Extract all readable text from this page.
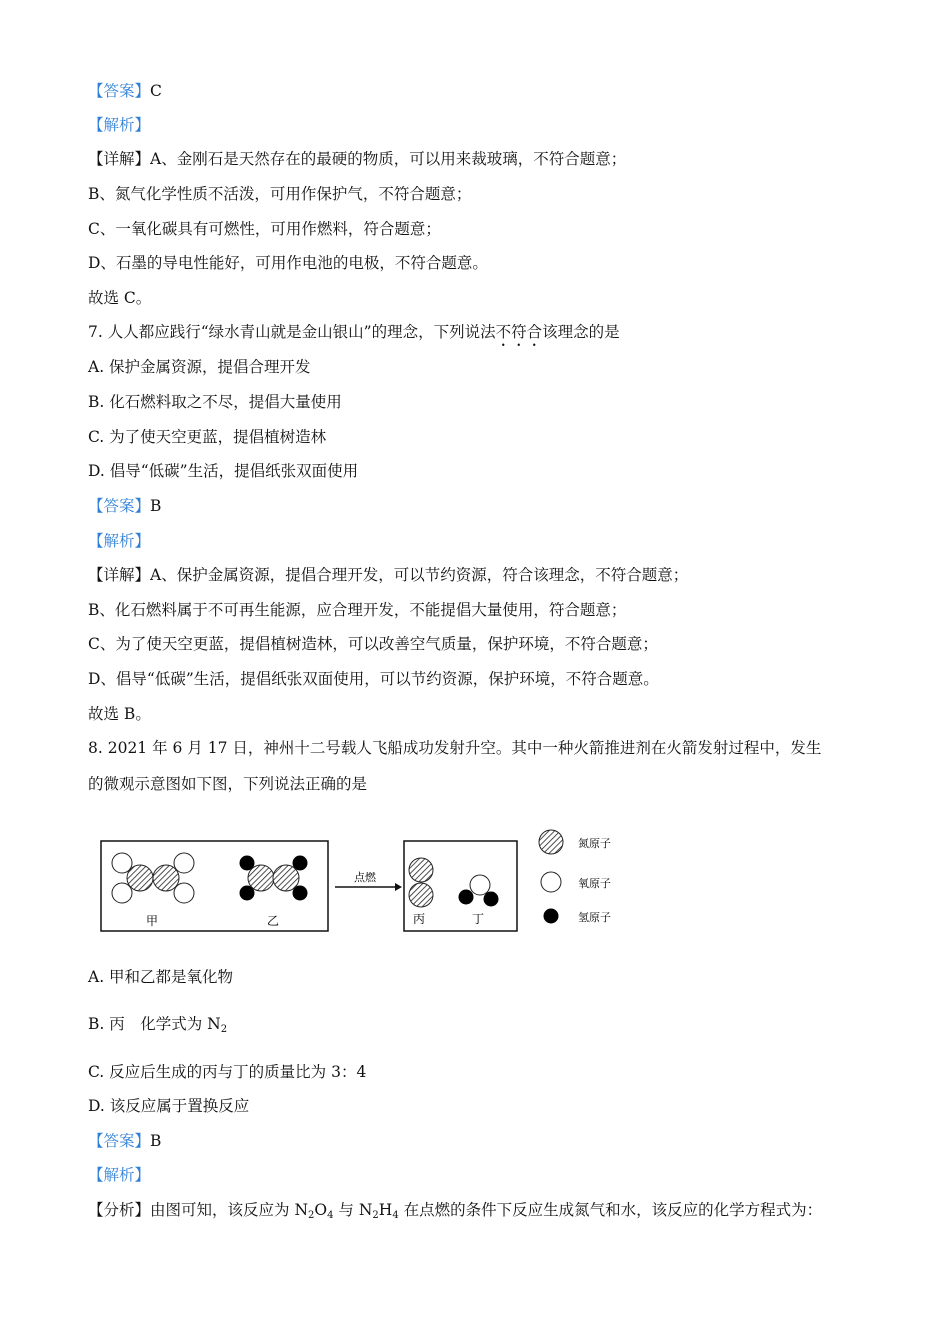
【答案】C
【解析】
【详解】A、金刚石是天然存在的最硬的物质，可以用来裁玻璃，不符合题意；
B、氮气化学性质不活泼，可用作保护气，不符合题意；
C、一氧化碳具有可燃性，可用作燃料，符合题意；
D、石墨的导电性能好，可用作电池的电极，不符合题意。
故选 C。
7. 人人都应践行“绿水青山就是金山银山”的理念，下列说法不符合该理念的是
A. 保护金属资源，提倡合理开发
B. 化石燃料取之不尽，提倡大量使用
C. 为了使天空更蓝，提倡植树造林
D. 倡导“低碳”生活，提倡纸张双面使用
【答案】B
【解析】
【详解】A、保护金属资源，提倡合理开发，可以节约资源，符合该理念，不符合题意；
B、化石燃料属于不可再生能源，应合理开发，不能提倡大量使用，符合题意；
C、为了使天空更蓝，提倡植树造林，可以改善空气质量，保护环境，不符合题意；
D、倡导“低碳”生活，提倡纸张双面使用，可以节约资源，保护环境，不符合题意。
故选 B。
8. 2021 年 6 月 17 日，神州十二号载人飞船成功发射升空。其中一种火箭推进剂在火箭发射过程中，发生
的微观示意图如下图，下列说法正确的是
甲	乙
点燃
丙	丁
氮原子
氧原子
氢原子
A. 甲和乙都是氧化物
B. 丙　化学式为 $N_2$
C. 反应后生成的丙与丁的质量比为 3：4
D. 该反应属于置换反应
【答案】B
【解析】
【分析】由图可知，该反应为 $N_2O_4$ 与 $N_2H_4$ 在点燃的条件下反应生成氮气和水，该反应的化学方程式为：
